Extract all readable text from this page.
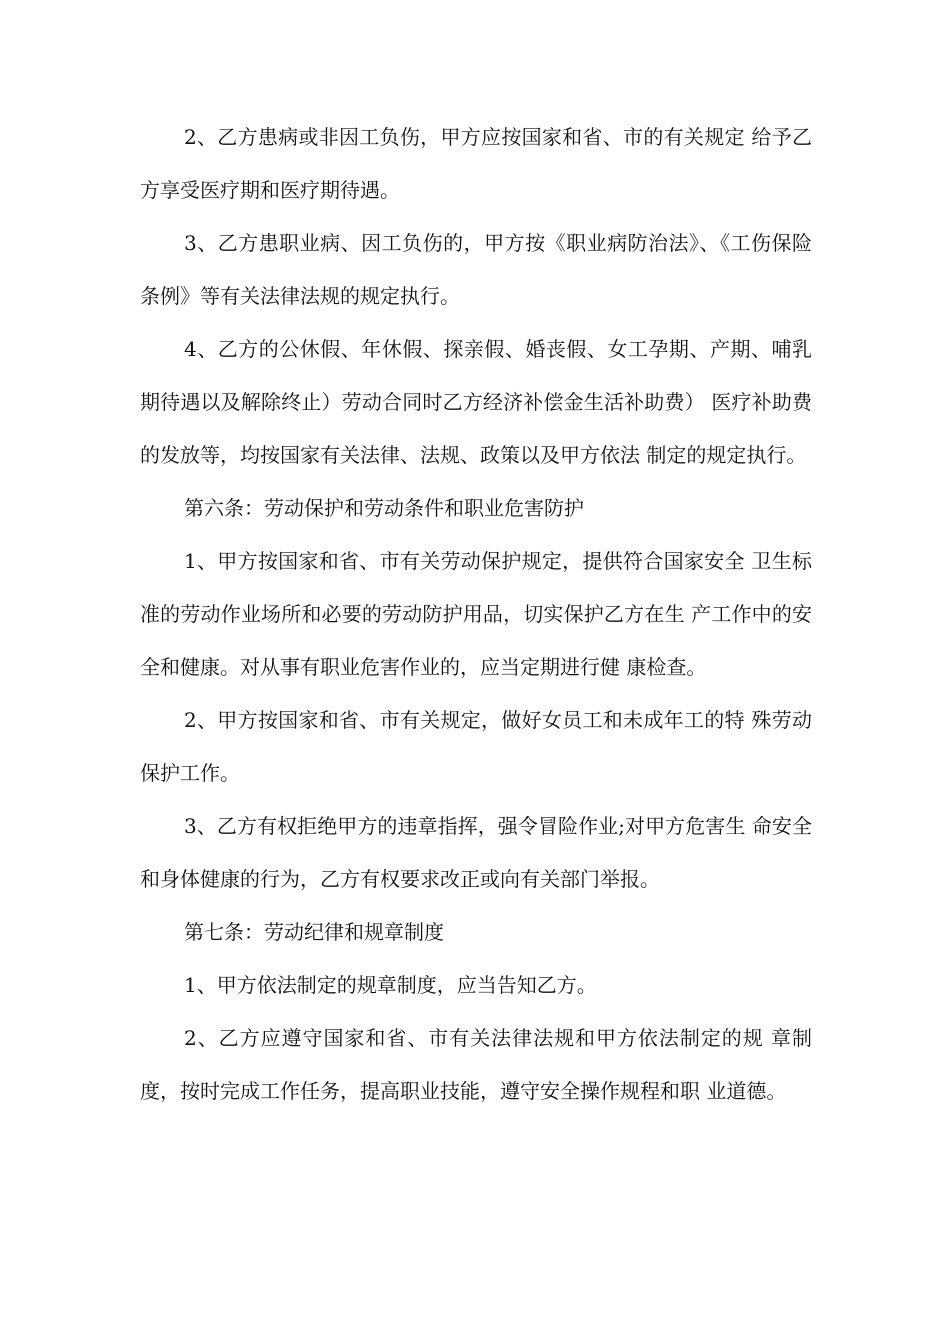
2、乙方患病或非因工负伤，甲方应按国家和省、市的有关规定 给予乙方享受医疗期和医疗期待遇。

3、乙方患职业病、因工负伤的，甲方按《职业病防治法》、《工伤保险条例》等有关法律法规的规定执行。

4、乙方的公休假、年休假、探亲假、婚丧假、女工孕期、产期、哺乳期待遇以及解除终止）劳动合同时乙方经济补偿金生活补助费） 医疗补助费的发放等，均按国家有关法律、法规、政策以及甲方依法 制定的规定执行。

第六条：劳动保护和劳动条件和职业危害防护

1、甲方按国家和省、市有关劳动保护规定，提供符合国家安全 卫生标准的劳动作业场所和必要的劳动防护用品，切实保护乙方在生 产工作中的安全和健康。对从事有职业危害作业的，应当定期进行健 康检查。

2、甲方按国家和省、市有关规定，做好女员工和未成年工的特 殊劳动保护工作。

3、乙方有权拒绝甲方的违章指挥，强令冒险作业;对甲方危害生 命安全和身体健康的行为，乙方有权要求改正或向有关部门举报。

第七条：劳动纪律和规章制度

1、甲方依法制定的规章制度，应当告知乙方。

2、乙方应遵守国家和省、市有关法律法规和甲方依法制定的规 章制度，按时完成工作任务，提高职业技能，遵守安全操作规程和职 业道德。
